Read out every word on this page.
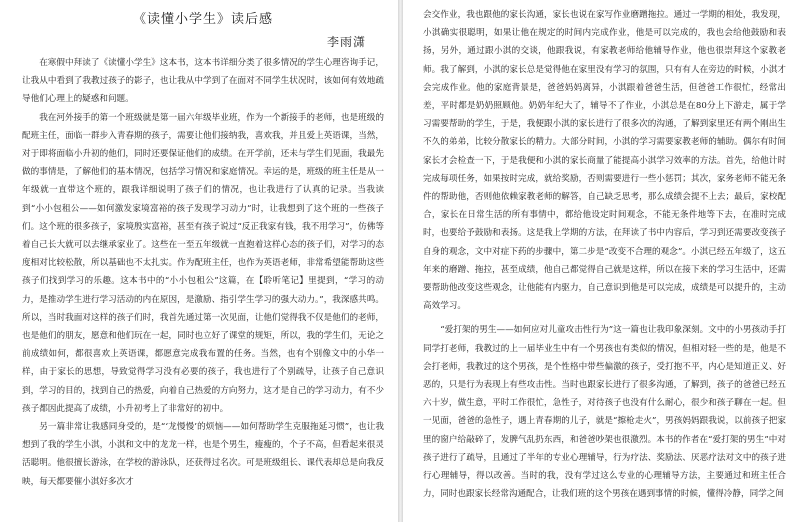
《读懂小学生》读后感
李雨潇

在寒假中拜读了《读懂小学生》这本书，这本书详细分类了很多情况的学生心理咨询手记，让我从中看到了我教过孩子的影子，也让我从中学到了在面对不同学生状况时，该如何有效地疏导他们心理上的疑惑和问题。

我在河外接手的第一个班级就是第一届六年级毕业班，作为一个新接手的老师，也是班级的配班主任，面临一群步入青春期的孩子，需要让他们接纳我，喜欢我，并且爱上英语课，当然，对于即将面临小升初的他们，同时还要保证他们的成绩。在开学前，还未与学生们见面，我最先做的事情是，了解他们的基本情况，包括学习情况和家庭情况。幸运的是，班级的班主任是从一年级就一直带这个班的，跟我详细说明了孩子们的情况，也让我进行了认真的记录。当我读到“小小包租公——如何激发家境富裕的孩子发现学习动力”时，让我想到了这个班的一些孩子们。这个班的很多孩子，家境殷实富裕，甚至有孩子说过“反正我家有钱，我不用学习”，仿佛等着自己长大就可以去继承家业了。这些在一至五年级就一直抱着这样心态的孩子们，对学习的态度相对比较松散，所以基础也不太扎实。作为配班主任，也作为英语老师，非常希望能帮助这些孩子们找到学习的乐趣。这本书中的“小小包租公”这篇，在【聆听笔记】里提到，“学习的动力，是推动学生进行学习活动的内在原因，是激励、指引学生学习的强大动力。”，我深感共鸣。所以，当时我面对这样的孩子们时，我首先通过第一次见面，让他们觉得我不仅是他们的老师，也是他们的朋友，愿意和他们玩在一起，同时也立好了课堂的规矩，所以，我的学生们，无论之前成绩如何，都很喜欢上英语课，都愿意完成我布置的任务。当然，也有个别像文中的小华一样，由于家长的思想，导致觉得学习没有必要的孩子，我也进行了个别疏导，让孩子自己意识到，学习的目的，找到自己的热爱，向着自己热爱的方向努力，这才是自己的学习动力，有不少孩子都因此提高了成绩，小升初考上了非常好的初中。

另一篇非常让我感同身受的，是“‘龙慢慢’的烦恼——如何帮助学生克服拖延习惯”，也让我想到了我的学生小淇，小淇和文中的龙龙一样，也是个男生，瘦瘦的，个子不高，但看起来很灵活聪明。他很擅长游泳，在学校的游泳队，还获得过名次。可是班级组长、课代表却总是向我反映，每天都要催小淇好多次才

会交作业，我也跟他的家长沟通，家长也说在家写作业磨蹭拖拉。通过一学期的相处，我发现，小淇确实很聪明，如果让他在规定的时间内完成作业，他是可以完成的，我也会给他鼓励和表扬，另外，通过跟小淇的交谈，他跟我说，有家教老师给他辅导作业，他也很崇拜这个家教老师。我了解到，小淇的家长总是觉得他在家里没有学习的氛围，只有有人在旁边的时候，小淇才会完成作业。他的家庭背景是，爸爸妈妈离异，小淇跟着爸爸生活，但爸爸工作很忙，经常出差，平时都是奶奶照顾他。奶奶年纪大了，辅导不了作业，小淇总是在80分上下游走，属于学习需要帮助的学生，于是，我便跟小淇的家长进行了很多次的沟通，了解到家里还有两个刚出生不久的弟弟，比较分散家长的精力。大部分时间，小淇的学习需要家教老师的辅助。偶尔有时间家长才会检查一下，于是我便和小淇的家长商量了能提高小淇学习效率的方法。首先，给他计时完成每项任务，如果按时完成，就给奖励，否则需要进行一些小惩罚；其次，家务老师不能无条件的帮助他，否则他依赖家教老师的解答，自己缺乏思考，那么成绩会提不上去；最后，家校配合，家长在日常生活的所有事情中，都给他设定时间观念，不能无条件地等下去，在准时完成时，也要给予鼓励和表扬。这是我上学期的方法，在拜读了书中内容后，学习到还需要改变孩子自身的观念，文中对症下药的步骤中，第二步是“改变不合理的观念”。小淇已经五年级了，这五年来的磨蹭、拖拉，甚至成绩，他自己都觉得自己就是这样，所以在接下来的学习生活中，还需要帮助他改变这些观念，让他能有内驱力，自己意识到他是可以完成，成绩是可以提升的，主动高效学习。

“爱打架的男生——如何应对儿童攻击性行为”这一篇也让我印象深刻。文中的小男孩动手打同学打老师，我教过的上一届毕业生中有一个男孩也有类似的情况，但相对轻一些的是，他是不会打老师，我教过的这个男孩，是个性格中带些偏激的孩子，受打抱不平，内心是知道正义、好恶的，只是行为表现上有些攻击性。当时也跟家长进行了很多沟通，了解到，孩子的爸爸已经五六十岁，做生意，平时工作很忙，急性子，对待孩子也没有什么耐心，很少和孩子聊在一起。但一见面，爸爸的急性子，遇上青春期的儿子，就是“擦枪走火”，男孩妈妈跟我说，以前孩子把家里的窗户给敲碎了，发脾气乱扔东西，和爸爸吵架也很激烈。本书的作者在“爱打架的男生”中对孩子进行了疏导，且通过了半年的专业心理辅导，行为疗法、奖励法、厌恶疗法对文中的孩子进行心理辅导，得以改善。当时的我，没有学过这么专业的心理辅导方法，主要通过和班主任合力，同时也跟家长经常沟通配合，让我们班的这个男孩在遇到事情的时候，懂得冷静，同学之间
